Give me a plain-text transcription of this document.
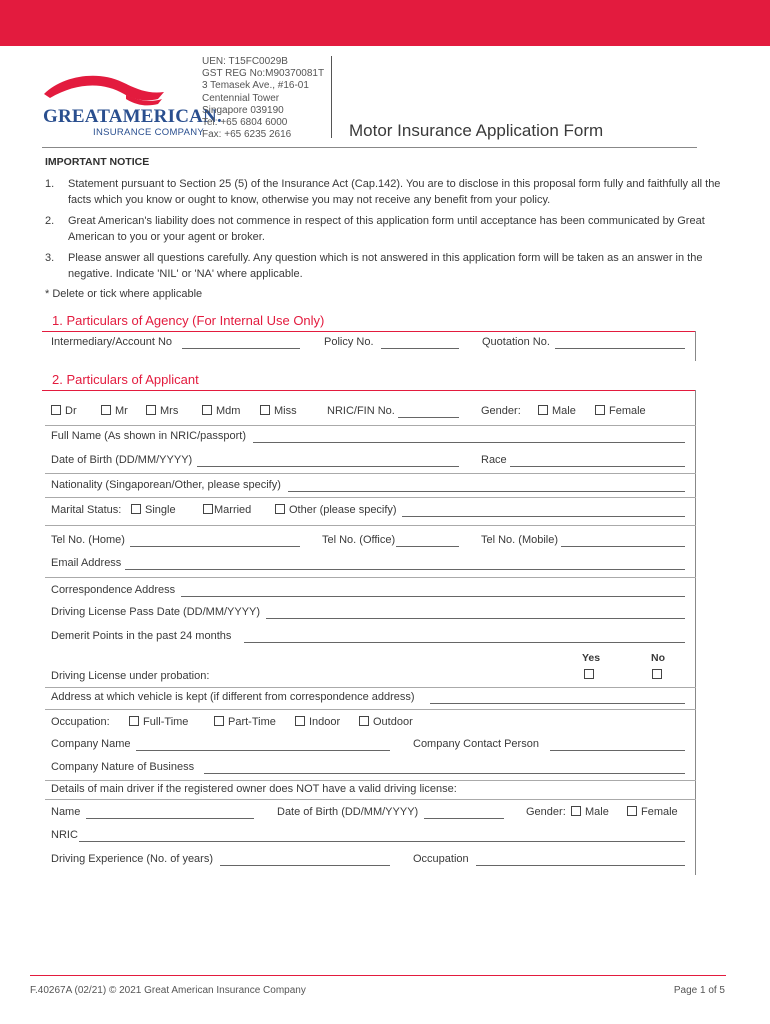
GREATAMERICAN.
INSURANCE COMPANY
UEN: T15FC0029B
GST REG No:M90370081T
3 Temasek Ave., #16-01
Centennial Tower
Singapore 039190
Tel: +65 6804 6000
Fax: +65 6235 2616	Motor Insurance Application Form
IMPORTANT NOTICE
1. Statement pursuant to Section 25 (5) of the Insurance Act (Cap.142). You are to disclose in this proposal form fully and faithfully all the facts which you know or ought to know, otherwise you may not receive any benefit from your policy.
2. Great American's liability does not commence in respect of this application form until acceptance has been communicated by Great American to you or your agent or broker.
3. Please answer all questions carefully. Any question which is not answered in this application form will be taken as an answer in the negative. Indicate 'NIL' or 'NA' where applicable.
* Delete or tick where applicable
1. Particulars of Agency (For Internal Use Only)
Intermediary/Account No	Policy No.	Quotation No.
2. Particulars of Applicant
Dr	Mr	Mrs	Mdm	Miss	NRIC/FIN No.	Gender:	Male	Female
Full Name (As shown in NRIC/passport)
Date of Birth (DD/MM/YYYY)	Race
Nationality (Singaporean/Other, please specify)
Marital Status:	Single	Married	Other (please specify)
Tel No. (Home)	Tel No. (Office)	Tel No. (Mobile)
Email Address
Correspondence Address
Driving License Pass Date (DD/MM/YYYY)
Demerit Points in the past 24 months
Yes	No
Driving License under probation:
Address at which vehicle is kept (if different from correspondence address)
Occupation:	Full-Time	Part-Time	Indoor	Outdoor
Company Name	Company Contact Person
Company Nature of Business
Details of main driver if the registered owner does NOT have a valid driving license:
Name	Date of Birth (DD/MM/YYYY)	Gender:	Male	Female
NRIC
Driving Experience (No. of years)	Occupation
F.40267A (02/21) © 2021 Great American Insurance Company	Page 1 of 5
